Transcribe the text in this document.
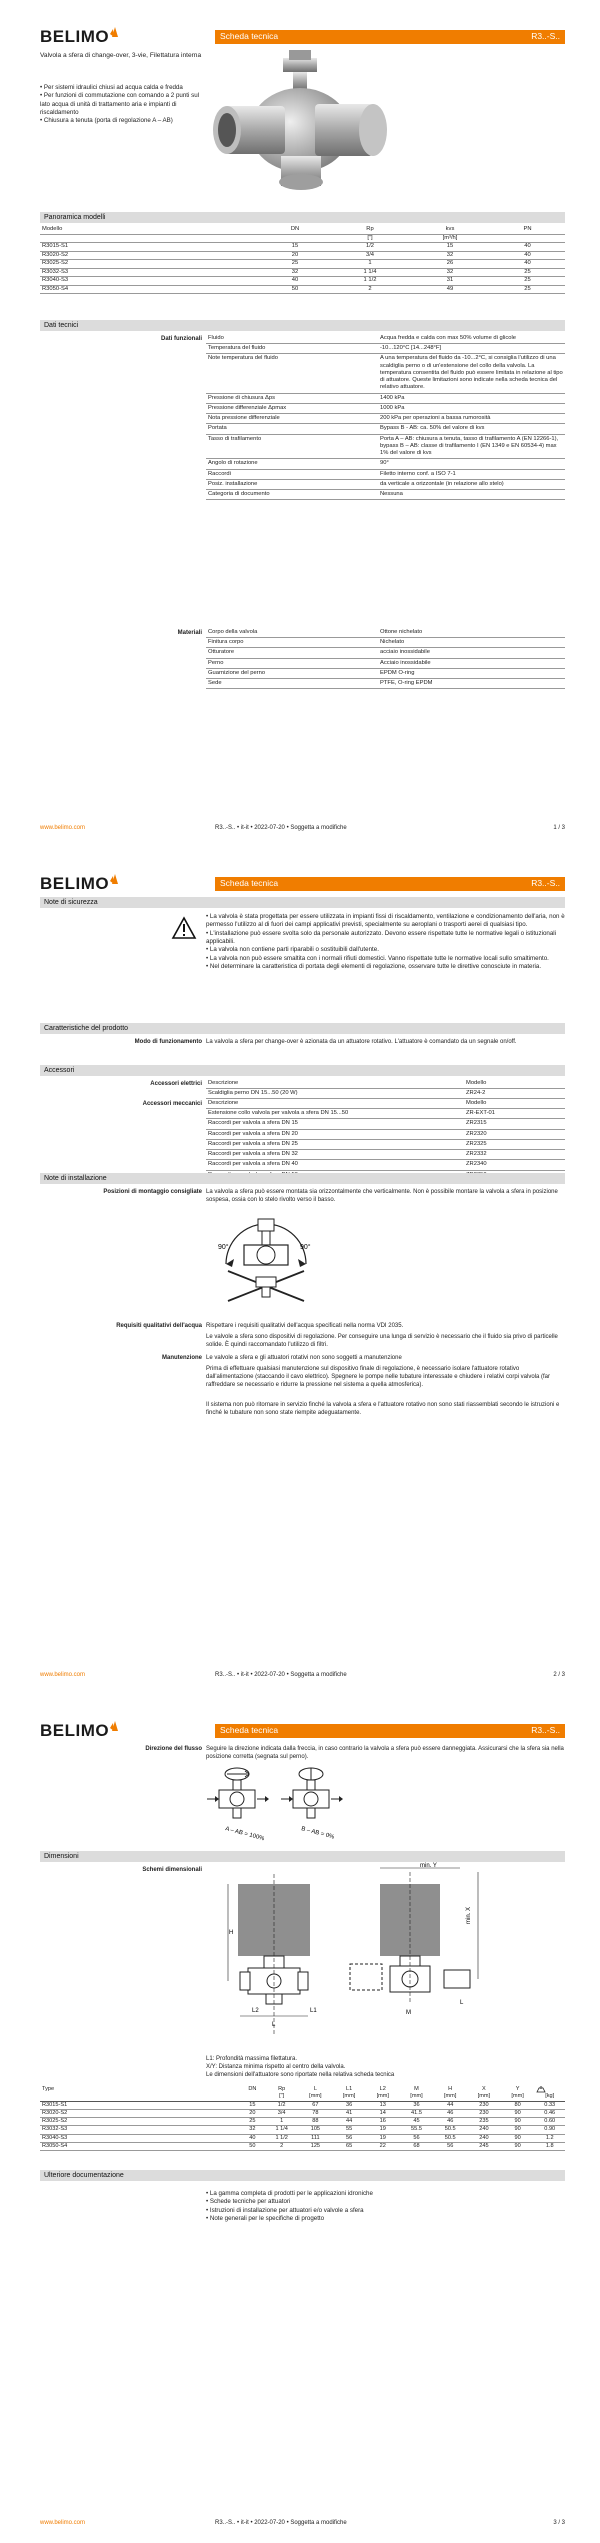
BELIMO	Scheda tecnica	R3..-S..
Valvola a sfera di change-over, 3-vie, Filettatura interna
• Per sistemi idraulici chiusi ad acqua calda e fredda
• Per funzioni di commutazione con comando a 2 punti sul lato acqua di unità di trattamento aria e impianti di riscaldamento
• Chiusura a tenuta (porta di regolazione A – AB)
Panoramica modelli
Modello	DN	Rp	kvs	PN
		["]	[m³/h]	
R3015-S1	15	1/2	15	40
R3020-S2	20	3/4	32	40
R3025-S2	25	1	26	40
R3032-S3	32	1 1/4	32	25
R3040-S3	40	1 1/2	31	25
R3050-S4	50	2	49	25
Dati tecnici
Dati funzionali Fluido	Acqua fredda e calda con max 50% volume di glicole
Temperatura del fluido	-10...120°C [14...248°F]
Note temperatura del fluido	A una temperatura del fluido da -10...2°C, si consiglia l'utilizzo di una scaldiglia perno o di un'estensione del collo della valvola. La temperatura consentita del fluido può essere limitata in relazione al tipo di attuatore. Queste limitazioni sono indicate nella scheda tecnica del relativo attuatore.
Pressione di chiusura Δps	1400 kPa
Pressione differenziale Δpmax	1000 kPa
Nota pressione differenziale	200 kPa per operazioni a bassa rumorosità
Portata	Bypass B - AB: ca. 50% del valore di kvs
Tasso di trafilamento	Porta A – AB: chiusura a tenuta, tasso di trafilamento A (EN 12266-1), bypass B – AB: classe di trafilamento I (EN 1349 e EN 60534-4) max 1% del valore di kvs
Angolo di rotazione	90°
Raccordi	Filetto interno conf. a ISO 7-1
Posiz. installazione	da verticale a orizzontale (in relazione allo stelo)
Categoria di documento	Nessuna
Materiali Corpo della valvola	Ottone nichelato
Finitura corpo	Nichelato
Otturatore	acciaio inossidabile
Perno	Acciaio inossidabile
Guarnizione del perno	EPDM O-ring
Sede	PTFE, O-ring EPDM
www.belimo.com	R3..-S.. • it-it • 2022-07-20 • Soggetta a modifiche	1 / 3
BELIMO	Scheda tecnica	R3..-S..
Note di sicurezza
• La valvola è stata progettata per essere utilizzata in impianti fissi di riscaldamento, ventilazione e condizionamento dell'aria, non è permesso l'utilizzo al di fuori dei campi applicativi previsti, specialmente su aeroplani o trasporti aerei di qualsiasi tipo.
• L'installazione può essere svolta solo da personale autorizzato. Devono essere rispettate tutte le normative legali o istituzionali applicabili.
• La valvola non contiene parti riparabili o sostituibili dall'utente.
• La valvola non può essere smaltita con i normali rifiuti domestici. Vanno rispettate tutte le normative locali sullo smaltimento.
• Nel determinare la caratteristica di portata degli elementi di regolazione, osservare tutte le direttive conosciute in materia.
Caratteristiche del prodotto
Modo di funzionamento La valvola a sfera per change-over è azionata da un attuatore rotativo. L'attuatore è comandato da un segnale on/off.
Accessori
Accessori elettrici Descrizione	Modello
Scaldiglia perno DN 15...50 (20 W)	ZR24-2
Accessori meccanici Descrizione	Modello
Estensione collo valvola per valvola a sfera DN 15...50	ZR-EXT-01
Raccordi per valvola a sfera DN 15	ZR2315
Raccordi per valvola a sfera DN 20	ZR2320
Raccordi per valvola a sfera DN 25	ZR2325
Raccordi per valvola a sfera DN 32	ZR2332
Raccordi per valvola a sfera DN 40	ZR2340

Note di installazione
Posizioni di montaggio consigliate La valvola a sfera può essere montata sia orizzontalmente che verticalmente. Non è possibile montare la valvola a sfera in posizione sospesa, ossia con lo stelo rivolto verso il basso.
90°	90°
Requisiti qualitativi dell'acqua Rispettare i requisiti qualitativi dell'acqua specificati nella norma VDI 2035.
Le valvole a sfera sono dispositivi di regolazione. Per conseguire una lunga di servizio è necessario che il fluido sia privo di particelle solide. È quindi raccomandato l'utilizzo di filtri.
Manutenzione Le valvole a sfera e gli attuatori rotativi non sono soggetti a manutenzione
Prima di effettuare qualsiasi manutenzione sul dispositivo finale di regolazione, è necessario isolare l'attuatore rotativo dall'alimentazione (staccando il cavo elettrico). Spegnere le pompe nelle tubature interessate e chiudere i relativi corpi valvola (far raffreddare se necessario e ridurre la pressione nel sistema a quella atmosferica).
Il sistema non può ritornare in servizio finché la valvola a sfera e l'attuatore rotativo non sono stati riassemblati secondo le istruzioni e finché le tubature non sono state riempite adeguatamente.
www.belimo.com	R3..-S.. • it-it • 2022-07-20 • Soggetta a modifiche	2 / 3
BELIMO	Scheda tecnica	R3..-S..
Direzione del flusso Seguire la direzione indicata dalla freccia, in caso contrario la valvola a sfera può essere danneggiata. Assicurarsi che la sfera sia nella posizione corretta (segnata sul perno).
A – AB = 100%	B – AB = 0%
Dimensioni
Schemi dimensionali
H
L
L2	L1
min. Y
min. X
M
L
L1: Profondità massima filettatura.
X/Y: Distanza minima rispetto al centro della valvola.
Le dimensioni dell'attuatore sono riportate nella relativa scheda tecnica
Type	DN	Rp	L	L1	L2	M	H	X	Y	

		["]	[mm]	[mm]	[mm]	[mm]	[mm]	[mm]	[mm]	[kg]
R3015-S1	15	1/2	67	36	13	36	44	230	80	0.33
R3020-S2	20	3/4	78	41	14	41.5	46	230	90	0.46
R3025-S2	25	1	88	44	16	45	46	235	90	0.60
R3032-S3	32	1 1/4	105	55	19	55.5	50.5	240	90	0.90
R3040-S3	40	1 1/2	111	56	19	56	50.5	240	90	1.2
R3050-S4	50	2	125	65	22	68	56	245	90	1.8
Ulteriore documentazione
• La gamma completa di prodotti per le applicazioni idroniche
• Schede tecniche per attuatori
• Istruzioni di installazione per attuatori e/o valvole a sfera
• Note generali per le specifiche di progetto
www.belimo.com	R3..-S.. • it-it • 2022-07-20 • Soggetta a modifiche	3 / 3
